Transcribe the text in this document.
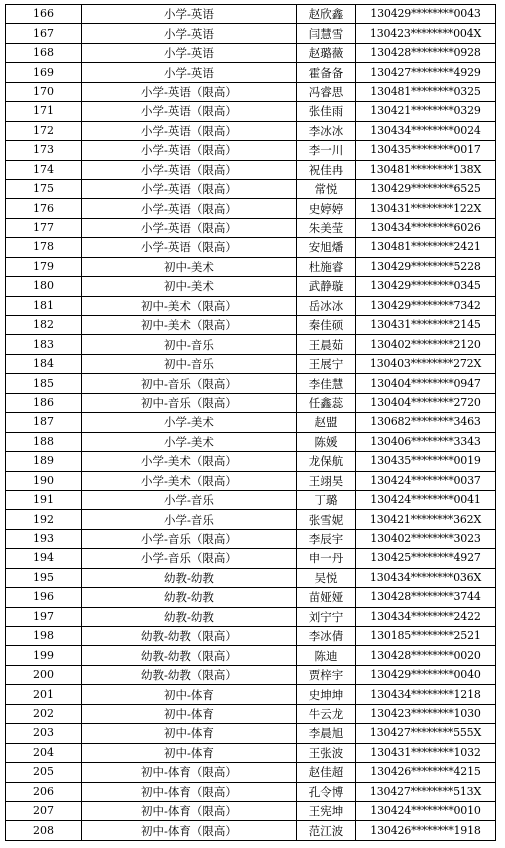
166	小学-英语	赵欣鑫	130429********0043
167	小学-英语	闫慧雪	130423********004X
168	小学-英语	赵璐薇	130428********0928
169	小学-英语	霍备备	130427********4929
170	小学-英语（限高）	冯睿思	130481********0325
171	小学-英语（限高）	张佳雨	130421********0329
172	小学-英语（限高）	李冰冰	130434********0024
173	小学-英语（限高）	李一川	130435********0017
174	小学-英语（限高）	祝佳冉	130481********138X
175	小学-英语（限高）	常悦	130429********6525
176	小学-英语（限高）	史婷婷	130431********122X
177	小学-英语（限高）	朱美莹	130434********6026
178	小学-英语（限高）	安旭燔	130481********2421
179	初中-美术	杜施睿	130429********5228
180	初中-美术	武静璇	130429********0345
181	初中-美术（限高）	岳冰冰	130429********7342
182	初中-美术（限高）	秦佳硕	130431********2145
183	初中-音乐	王晨茹	130402********2120
184	初中-音乐	王展宁	130403********272X
185	初中-音乐（限高）	李佳慧	130404********0947
186	初中-音乐（限高）	任鑫蕊	130404********2720
187	小学-美术	赵盟	130682********3463
188	小学-美术	陈媛	130406********3343
189	小学-美术（限高）	龙保航	130435********0019
190	小学-美术（限高）	王翊昊	130424********0037
191	小学-音乐	丁璐	130424********0041
192	小学-音乐	张雪妮	130421********362X
193	小学-音乐（限高）	李辰宇	130402********3023
194	小学-音乐（限高）	申一丹	130425********4927
195	幼教-幼教	吴悦	130434********036X
196	幼教-幼教	苗娅娅	130428********3744
197	幼教-幼教	刘宁宁	130434********2422
198	幼教-幼教（限高）	李冰倩	130185********2521
199	幼教-幼教（限高）	陈迪	130428********0020
200	幼教-幼教（限高）	贾梓宇	130429********0040
201	初中-体育	史坤坤	130434********1218
202	初中-体育	牛云龙	130423********1030
203	初中-体育	李晨旭	130427********555X
204	初中-体育	王张波	130431********1032
205	初中-体育（限高）	赵佳超	130426********4215
206	初中-体育（限高）	孔令博	130427********513X
207	初中-体育（限高）	王宪坤	130424********0010
208	初中-体育（限高）	范江波	130426********1918
